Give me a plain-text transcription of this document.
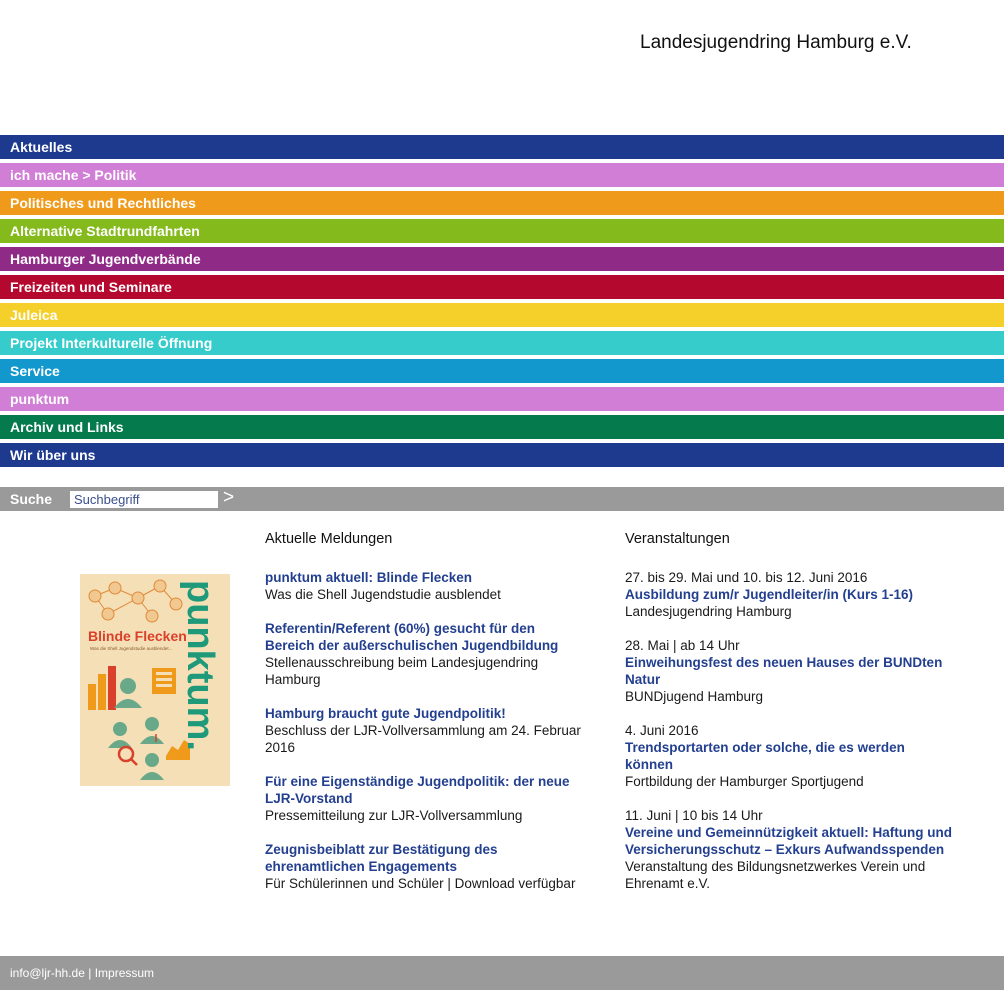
Landesjugendring Hamburg e.V.
Aktuelles
ich mache > Politik
Politisches und Rechtliches
Alternative Stadtrundfahrten
Hamburger Jugendverbände
Freizeiten und Seminare
Juleica
Projekt Interkulturelle Öffnung
Service
punktum
Archiv und Links
Wir über uns
Suche
Suchbegriff	>
Blinde Flecken
Was die Shell Jugendstudie ausblendet... punktum.
Aktuelle Meldungen
punktum aktuell: Blinde Flecken
Was die Shell Jugendstudie ausblendet
Referentin/Referent (60%) gesucht für den Bereich der außerschulischen Jugendbildung
Stellenausschreibung beim Landesjugendring Hamburg
Hamburg braucht gute Jugendpolitik!
Beschluss der LJR-Vollversammlung am 24. Februar 2016
Für eine Eigenständige Jugendpolitik: der neue LJR-Vorstand
Pressemitteilung zur LJR-Vollversammlung
Zeugnisbeiblatt zur Bestätigung des ehrenamtlichen Engagements
Für Schülerinnen und Schüler | Download verfügbar
Veranstaltungen
27. bis 29. Mai und 10. bis 12. Juni 2016
Ausbildung zum/r Jugendleiter/in (Kurs 1-16)
Landesjugendring Hamburg
28. Mai | ab 14 Uhr
Einweihungsfest des neuen Hauses der BUNDten Natur
BUNDjugend Hamburg
4. Juni 2016
Trendsportarten oder solche, die es werden können
Fortbildung der Hamburger Sportjugend
11. Juni | 10 bis 14 Uhr
Vereine und Gemeinnützigkeit aktuell: Haftung und Versicherungsschutz – Exkurs Aufwandsspenden
Veranstaltung des Bildungsnetzwerkes Verein und Ehrenamt e.V.
info@ljr-hh.de | Impressum
